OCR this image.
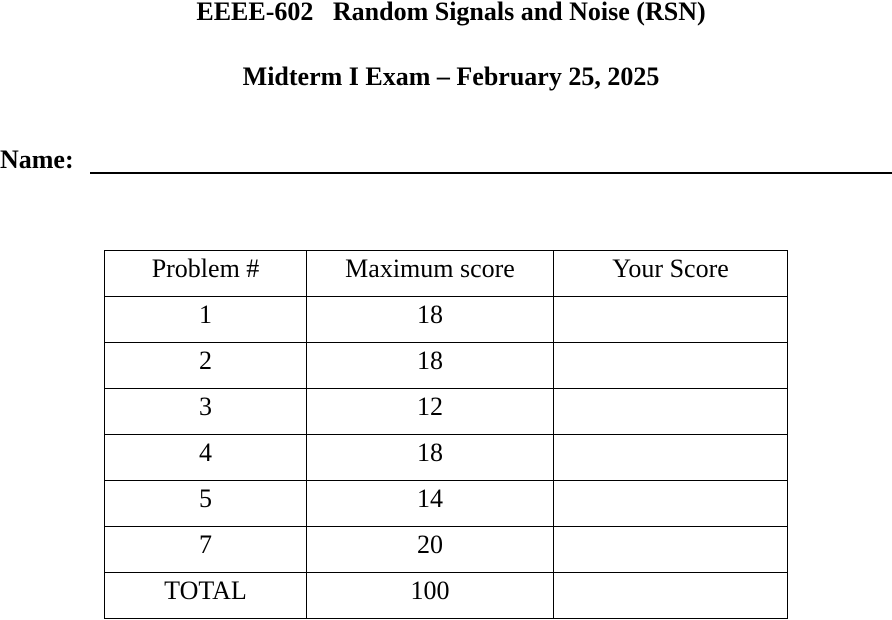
EEEE-602   Random Signals and Noise (RSN)
Midterm I Exam – February 25, 2025
Name:
Problem #	Maximum score	Your Score
1	18	
2	18	
3	12	
4	18	
5	14	
7	20	
TOTAL	100	
